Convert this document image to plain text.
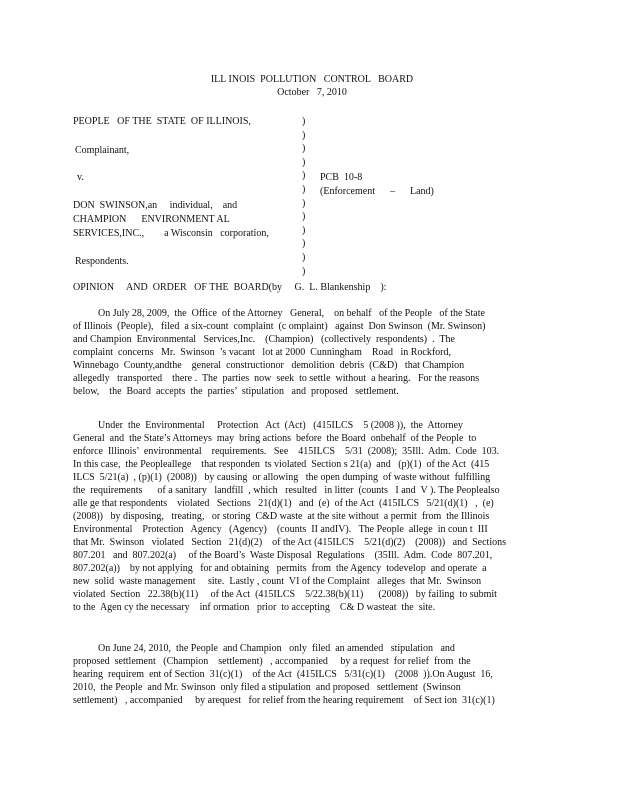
ILL INOIS  POLLUTION   CONTROL   BOARD
October   7, 2010
PEOPLE   OF THE  STATE  OF ILLINOIS,
Complainant,
v.
DON  SWINSON,an     individual,    and
CHAMPION      ENVIRONMENT AL
SERVICES,INC.,        a Wisconsin   corporation,
Respondents.
)
)
)
)
)
)
)
)
)
)
)
)
PCB  10-8
(Enforcement      –      Land)
OPINION     AND  ORDER   OF THE  BOARD(by     G.  L. Blankenship    ):

On July 28, 2009,  the  Office  of the Attorney   General,    on behalf   of the People   of the State

of Illinois  (People),   filed  a six-count  complaint  (c omplaint)   against  Don Swinson  (Mr. Swinson)

and Champion  Environmental   Services,Inc.    (Champion)   (collectively  respondents)  .  The

complaint  concerns   Mr.  Swinson  ’s vacant   lot at 2000  Cunningham    Road   in Rockford,

Winnebago  County,andthe    general  constructionor   demolition  debris  (C&D)   that Champion

allegedly   transported    there .  The  parties  now  seek  to settle  without  a hearing.   For the reasons

below,    the  Board  accepts  the  parties’  stipulation   and  proposed   settlement.

Under  the  Environmental     Protection   Act  (Act)   (415ILCS    5 (2008 )),  the  Attorney

General  and  the State’s Attorneys  may  bring actions  before  the Board  onbehalf  of the People  to

enforce  Illinois’  environmental    requirements.   See    415ILCS    5/31  (2008);  35Ill.  Adm.  Code  103.

In this case,  the Peopleallege    that responden  ts violated  Section s 21(a)  and   (p)(1)  of the Act  (415

ILCS  5/21(a)  , (p)(1)  (2008))   by causing  or allowing   the open dumping  of waste without  fulfilling

the  requirements      of a sanitary   landfill  , which   resulted   in litter  (counts   I and  V ). The Peoplealso

alle ge that respondents    violated   Sections   21(d)(1)   and  (e)  of the Act  (415ILCS   5/21(d)(1)   ,  (e)

(2008))   by disposing,   treating,   or storing  C&D waste  at the site without  a permit  from  the Illinois

Environmental    Protection   Agency   (Agency)    (counts  II andIV).   The People  allege  in coun t  III

that Mr.  Swinson   violated   Section   21(d)(2)    of the Act (415ILCS    5/21(d)(2)    (2008))   and  Sections

807.201   and  807.202(a)     of the Board’s  Waste Disposal  Regulations    (35Ill.  Adm.  Code  807.201,

807.202(a))    by not applying   for and obtaining   permits  from  the Agency  todevelop  and operate  a

new  solid  waste management     site.  Lastly , count  VI of the Complaint   alleges  that Mr.  Swinson

violated  Section   22.38(b)(11)     of the Act  (415ILCS    5/22.38(b)(11)      (2008))   by failing  to submit

to the  Agen cy the necessary    inf ormation   prior  to accepting    C& D wasteat  the  site.

On June 24, 2010,  the People  and Champion   only  filed  an amended   stipulation   and

proposed  settlement   (Champion    settlement)   , accompanied     by a request  for relief  from  the

hearing  requirem  ent of Section  31(c)(1)    of the Act  (415ILCS   5/31(c)(1)    (2008  )).On August  16,

2010,  the People  and Mr. Swinson  only filed a stipulation  and proposed   settlement  (Swinson

settlement)   , accompanied     by arequest   for relief from the hearing requirement    of Sect ion  31(c)(1)
